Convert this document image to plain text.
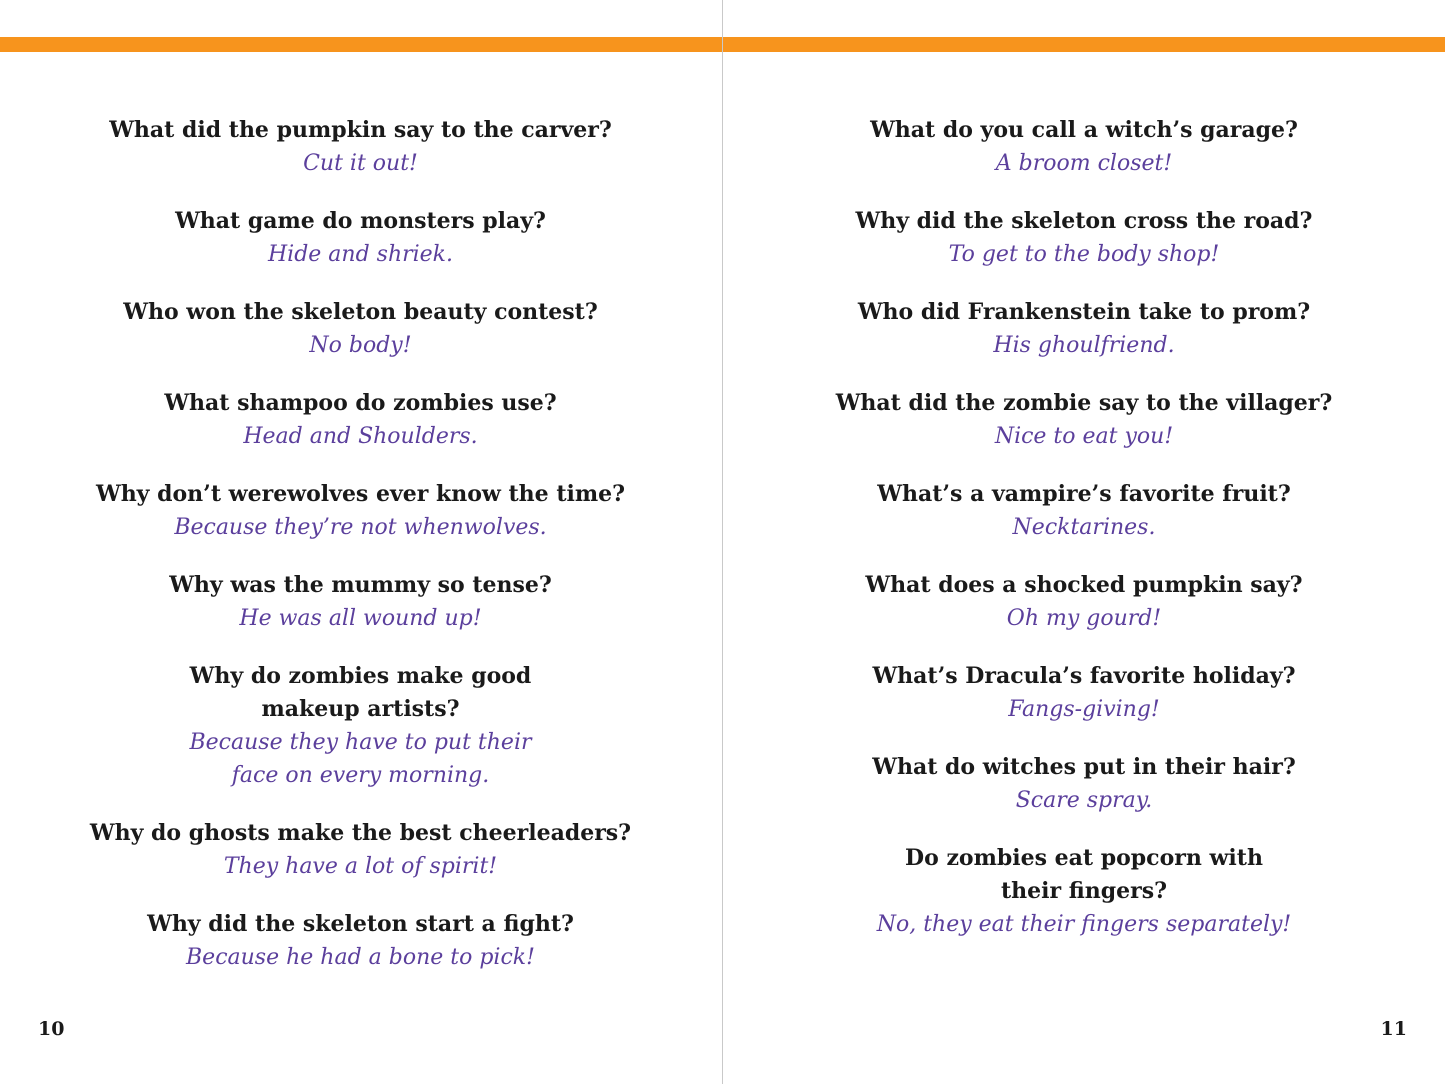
What did the pumpkin say to the carver?
Cut it out!
What game do monsters play?
Hide and shriek.
Who won the skeleton beauty contest?
No body!
What shampoo do zombies use?
Head and Shoulders.
Why don’t werewolves ever know the time?
Because they’re not whenwolves.
Why was the mummy so tense?
He was all wound up!
Why do zombies make good
makeup artists?
Because they have to put their
face on every morning.
Why do ghosts make the best cheerleaders?
They have a lot of spirit!
Why did the skeleton start a fight?
Because he had a bone to pick!
10
What do you call a witch’s garage?
A broom closet!
Why did the skeleton cross the road?
To get to the body shop!
Who did Frankenstein take to prom?
His ghoulfriend.
What did the zombie say to the villager?
Nice to eat you!
What’s a vampire’s favorite fruit?
Necktarines.
What does a shocked pumpkin say?
Oh my gourd!
What’s Dracula’s favorite holiday?
Fangs-giving!
What do witches put in their hair?
Scare spray.
Do zombies eat popcorn with
their fingers?
No, they eat their fingers separately!
11
